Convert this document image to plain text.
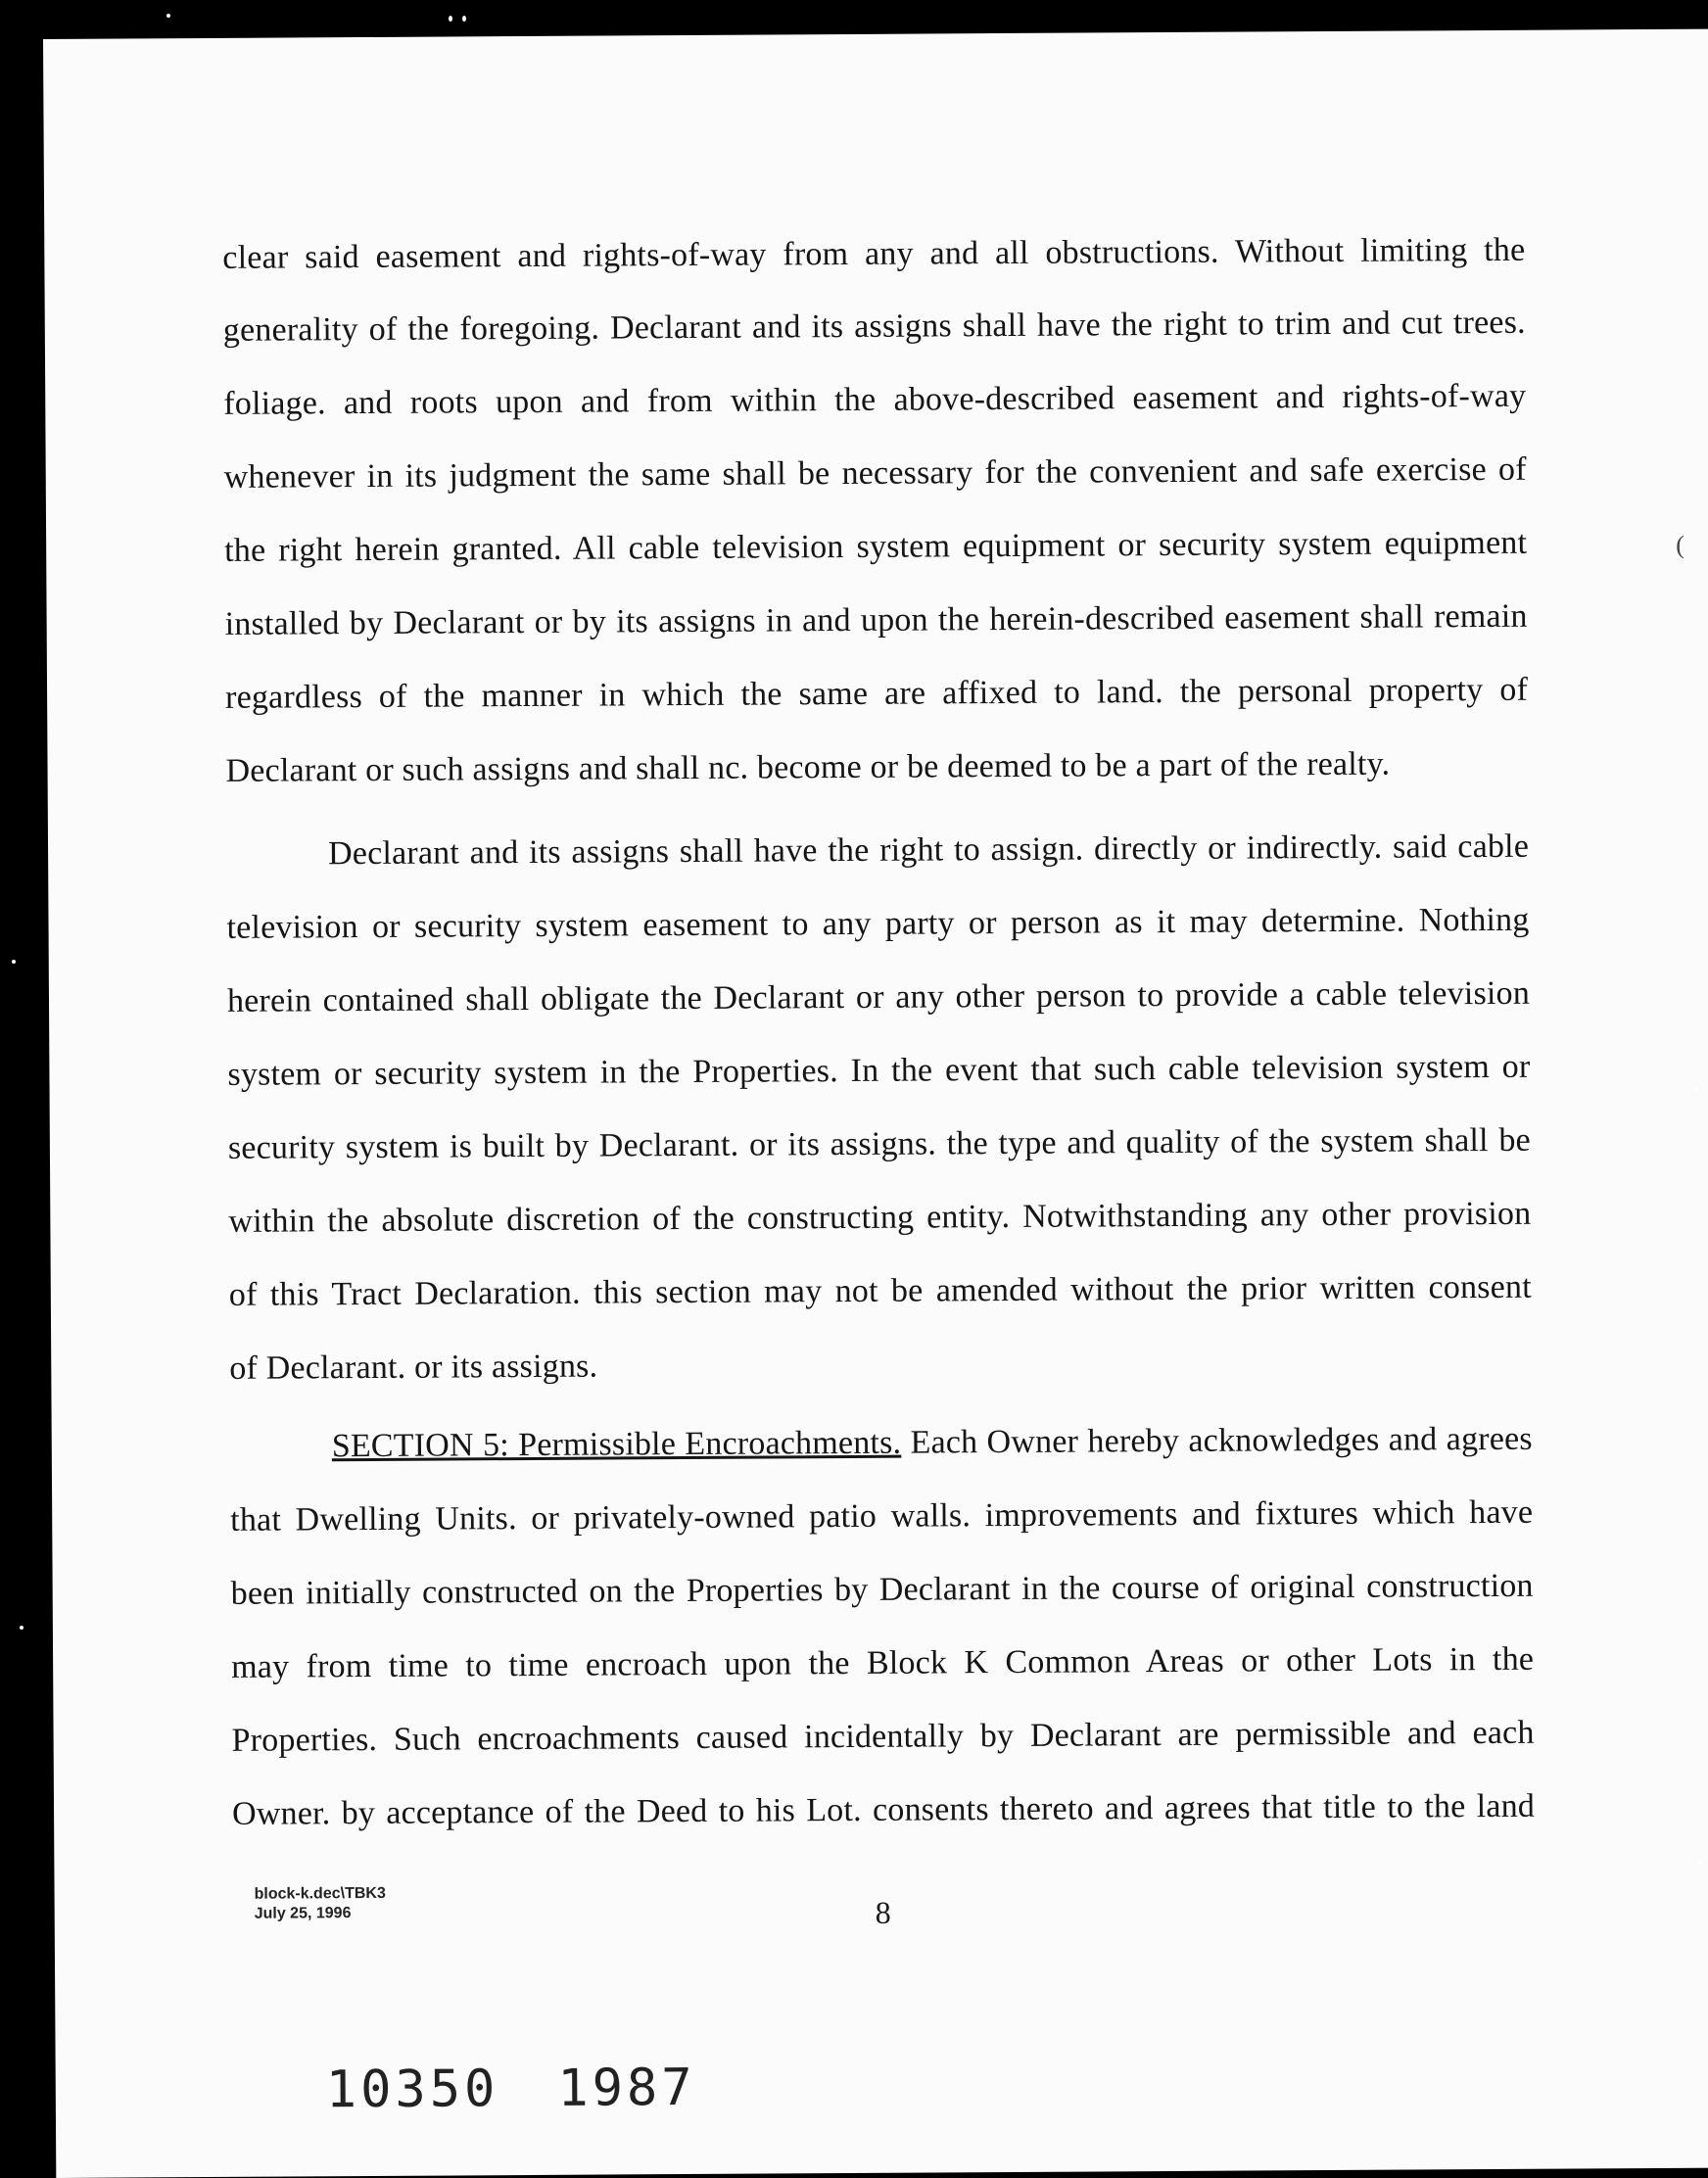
clear said easement and rights-of-way from any and all obstructions. Without limiting the
generality of the foregoing. Declarant and its assigns shall have the right to trim and cut trees.
foliage. and roots upon and from within the above-described easement and rights-of-way
whenever in its judgment the same shall be necessary for the convenient and safe exercise of
the right herein granted. All cable television system equipment or security system equipment
installed by Declarant or by its assigns in and upon the herein-described easement shall remain
regardless of the manner in which the same are affixed to land. the personal property of
Declarant or such assigns and shall nc. become or be deemed to be a part of the realty.
Declarant and its assigns shall have the right to assign. directly or indirectly. said cable
television or security system easement to any party or person as it may determine. Nothing
herein contained shall obligate the Declarant or any other person to provide a cable television
system or security system in the Properties. In the event that such cable television system or
security system is built by Declarant. or its assigns. the type and quality of the system shall be
within the absolute discretion of the constructing entity. Notwithstanding any other provision
of this Tract Declaration. this section may not be amended without the prior written consent
of Declarant. or its assigns.
SECTION 5: Permissible Encroachments. Each Owner hereby acknowledges and agrees
that Dwelling Units. or privately-owned patio walls. improvements and fixtures which have
been initially constructed on the Properties by Declarant in the course of original construction
may from time to time encroach upon the Block K Common Areas or other Lots in the
Properties. Such encroachments caused incidentally by Declarant are permissible and each
Owner. by acceptance of the Deed to his Lot. consents thereto and agrees that title to the land
block-k.dec\TBK3
July 25, 1996	8
10350 1987
(
